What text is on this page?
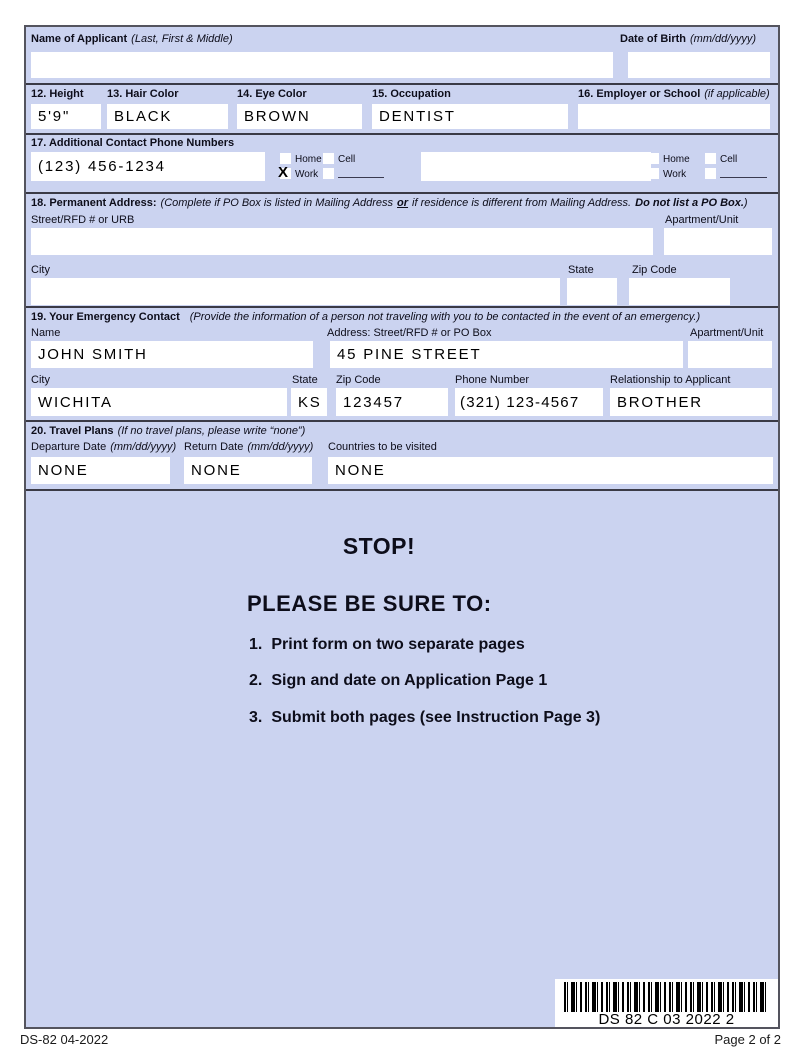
Name of Applicant (Last, First & Middle)	Date of Birth (mm/dd/yyyy)
12. Height 13. Hair Color	14. Eye Color	15. Occupation	16. Employer or School (if applicable)
5'9"	BLACK	BROWN	DENTIST
17. Additional Contact Phone Numbers
(123) 456-1234	Home Cell
X Work
Home	Cell
Work
18. Permanent Address: (Complete if PO Box is listed in Mailing Address or if residence is different from Mailing Address. Do not list a PO Box.)
Street/RFD # or URB	Apartment/Unit
City	State	Zip Code
19. Your Emergency Contact (Provide the information of a person not traveling with you to be contacted in the event of an emergency.)
Name	Address: Street/RFD # or PO Box	Apartment/Unit
JOHN SMITH	45 PINE STREET
City	State Zip Code	Phone Number	Relationship to Applicant
WICHITA	KS	123457	(321) 123-4567	BROTHER
20. Travel Plans (If no travel plans, please write “none”)
Departure Date (mm/dd/yyyy) Return Date (mm/dd/yyyy) Countries to be visited
NONE	NONE	NONE
STOP!
PLEASE BE SURE TO:
1. Print form on two separate pages
2. Sign and date on Application Page 1
3. Submit both pages (see Instruction Page 3)
DS 82 C 03 2022 2
DS-82 04-2022	Page 2 of 2
